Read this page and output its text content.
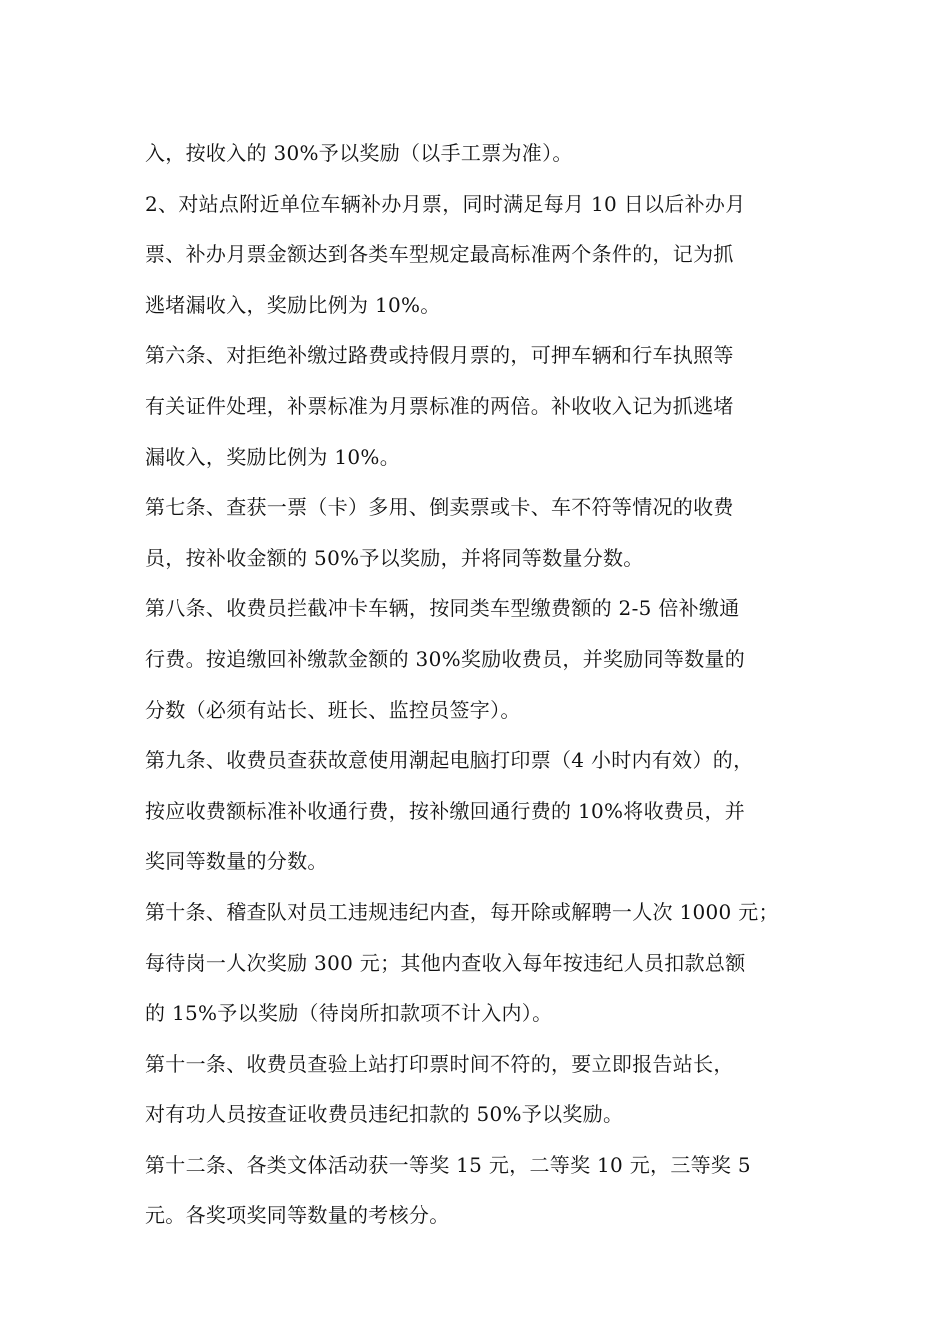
入，按收入的 30%予以奖励（以手工票为准）。
2、对站点附近单位车辆补办月票，同时满足每月 10 日以后补办月
票、补办月票金额达到各类车型规定最高标准两个条件的，记为抓
逃堵漏收入，奖励比例为 10%。
第六条、对拒绝补缴过路费或持假月票的，可押车辆和行车执照等
有关证件处理，补票标准为月票标准的两倍。补收收入记为抓逃堵
漏收入，奖励比例为 10%。
第七条、查获一票（卡）多用、倒卖票或卡、车不符等情况的收费
员，按补收金额的 50%予以奖励，并将同等数量分数。
第八条、收费员拦截冲卡车辆，按同类车型缴费额的 2-5 倍补缴通
行费。按追缴回补缴款金额的 30%奖励收费员，并奖励同等数量的
分数（必须有站长、班长、监控员签字）。
第九条、收费员查获故意使用潮起电脑打印票（4 小时内有效）的，
按应收费额标准补收通行费，按补缴回通行费的 10%将收费员，并
奖同等数量的分数。
第十条、稽查队对员工违规违纪内查，每开除或解聘一人次 1000 元；
每待岗一人次奖励 300 元；其他内查收入每年按违纪人员扣款总额
的 15%予以奖励（待岗所扣款项不计入内）。
第十一条、收费员查验上站打印票时间不符的，要立即报告站长，
对有功人员按查证收费员违纪扣款的 50%予以奖励。
第十二条、各类文体活动获一等奖 15 元，二等奖 10 元，三等奖 5
元。各奖项奖同等数量的考核分。
